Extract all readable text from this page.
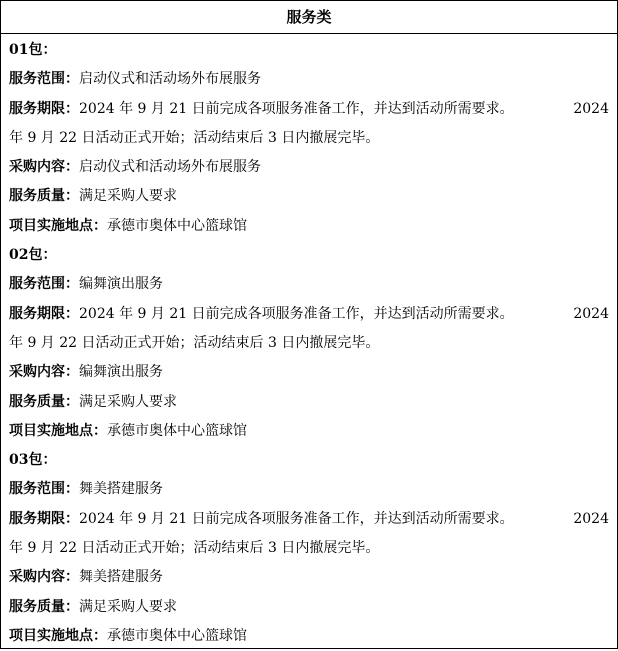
服务类
01包：
服务范围：启动仪式和活动场外布展服务
服务期限：2024 年 9 月 21 日前完成各项服务准备工作，并达到活动所需要求。	2024
年 9 月 22 日活动正式开始；活动结束后 3 日内撤展完毕。
采购内容：启动仪式和活动场外布展服务
服务质量：满足采购人要求
项目实施地点：承德市奥体中心篮球馆
02包：
服务范围：编舞演出服务
服务期限：2024 年 9 月 21 日前完成各项服务准备工作，并达到活动所需要求。	2024
年 9 月 22 日活动正式开始；活动结束后 3 日内撤展完毕。
采购内容：编舞演出服务
服务质量：满足采购人要求
项目实施地点：承德市奥体中心篮球馆
03包：
服务范围：舞美搭建服务
服务期限：2024 年 9 月 21 日前完成各项服务准备工作，并达到活动所需要求。	2024
年 9 月 22 日活动正式开始；活动结束后 3 日内撤展完毕。
采购内容：舞美搭建服务
服务质量：满足采购人要求
项目实施地点：承德市奥体中心篮球馆
